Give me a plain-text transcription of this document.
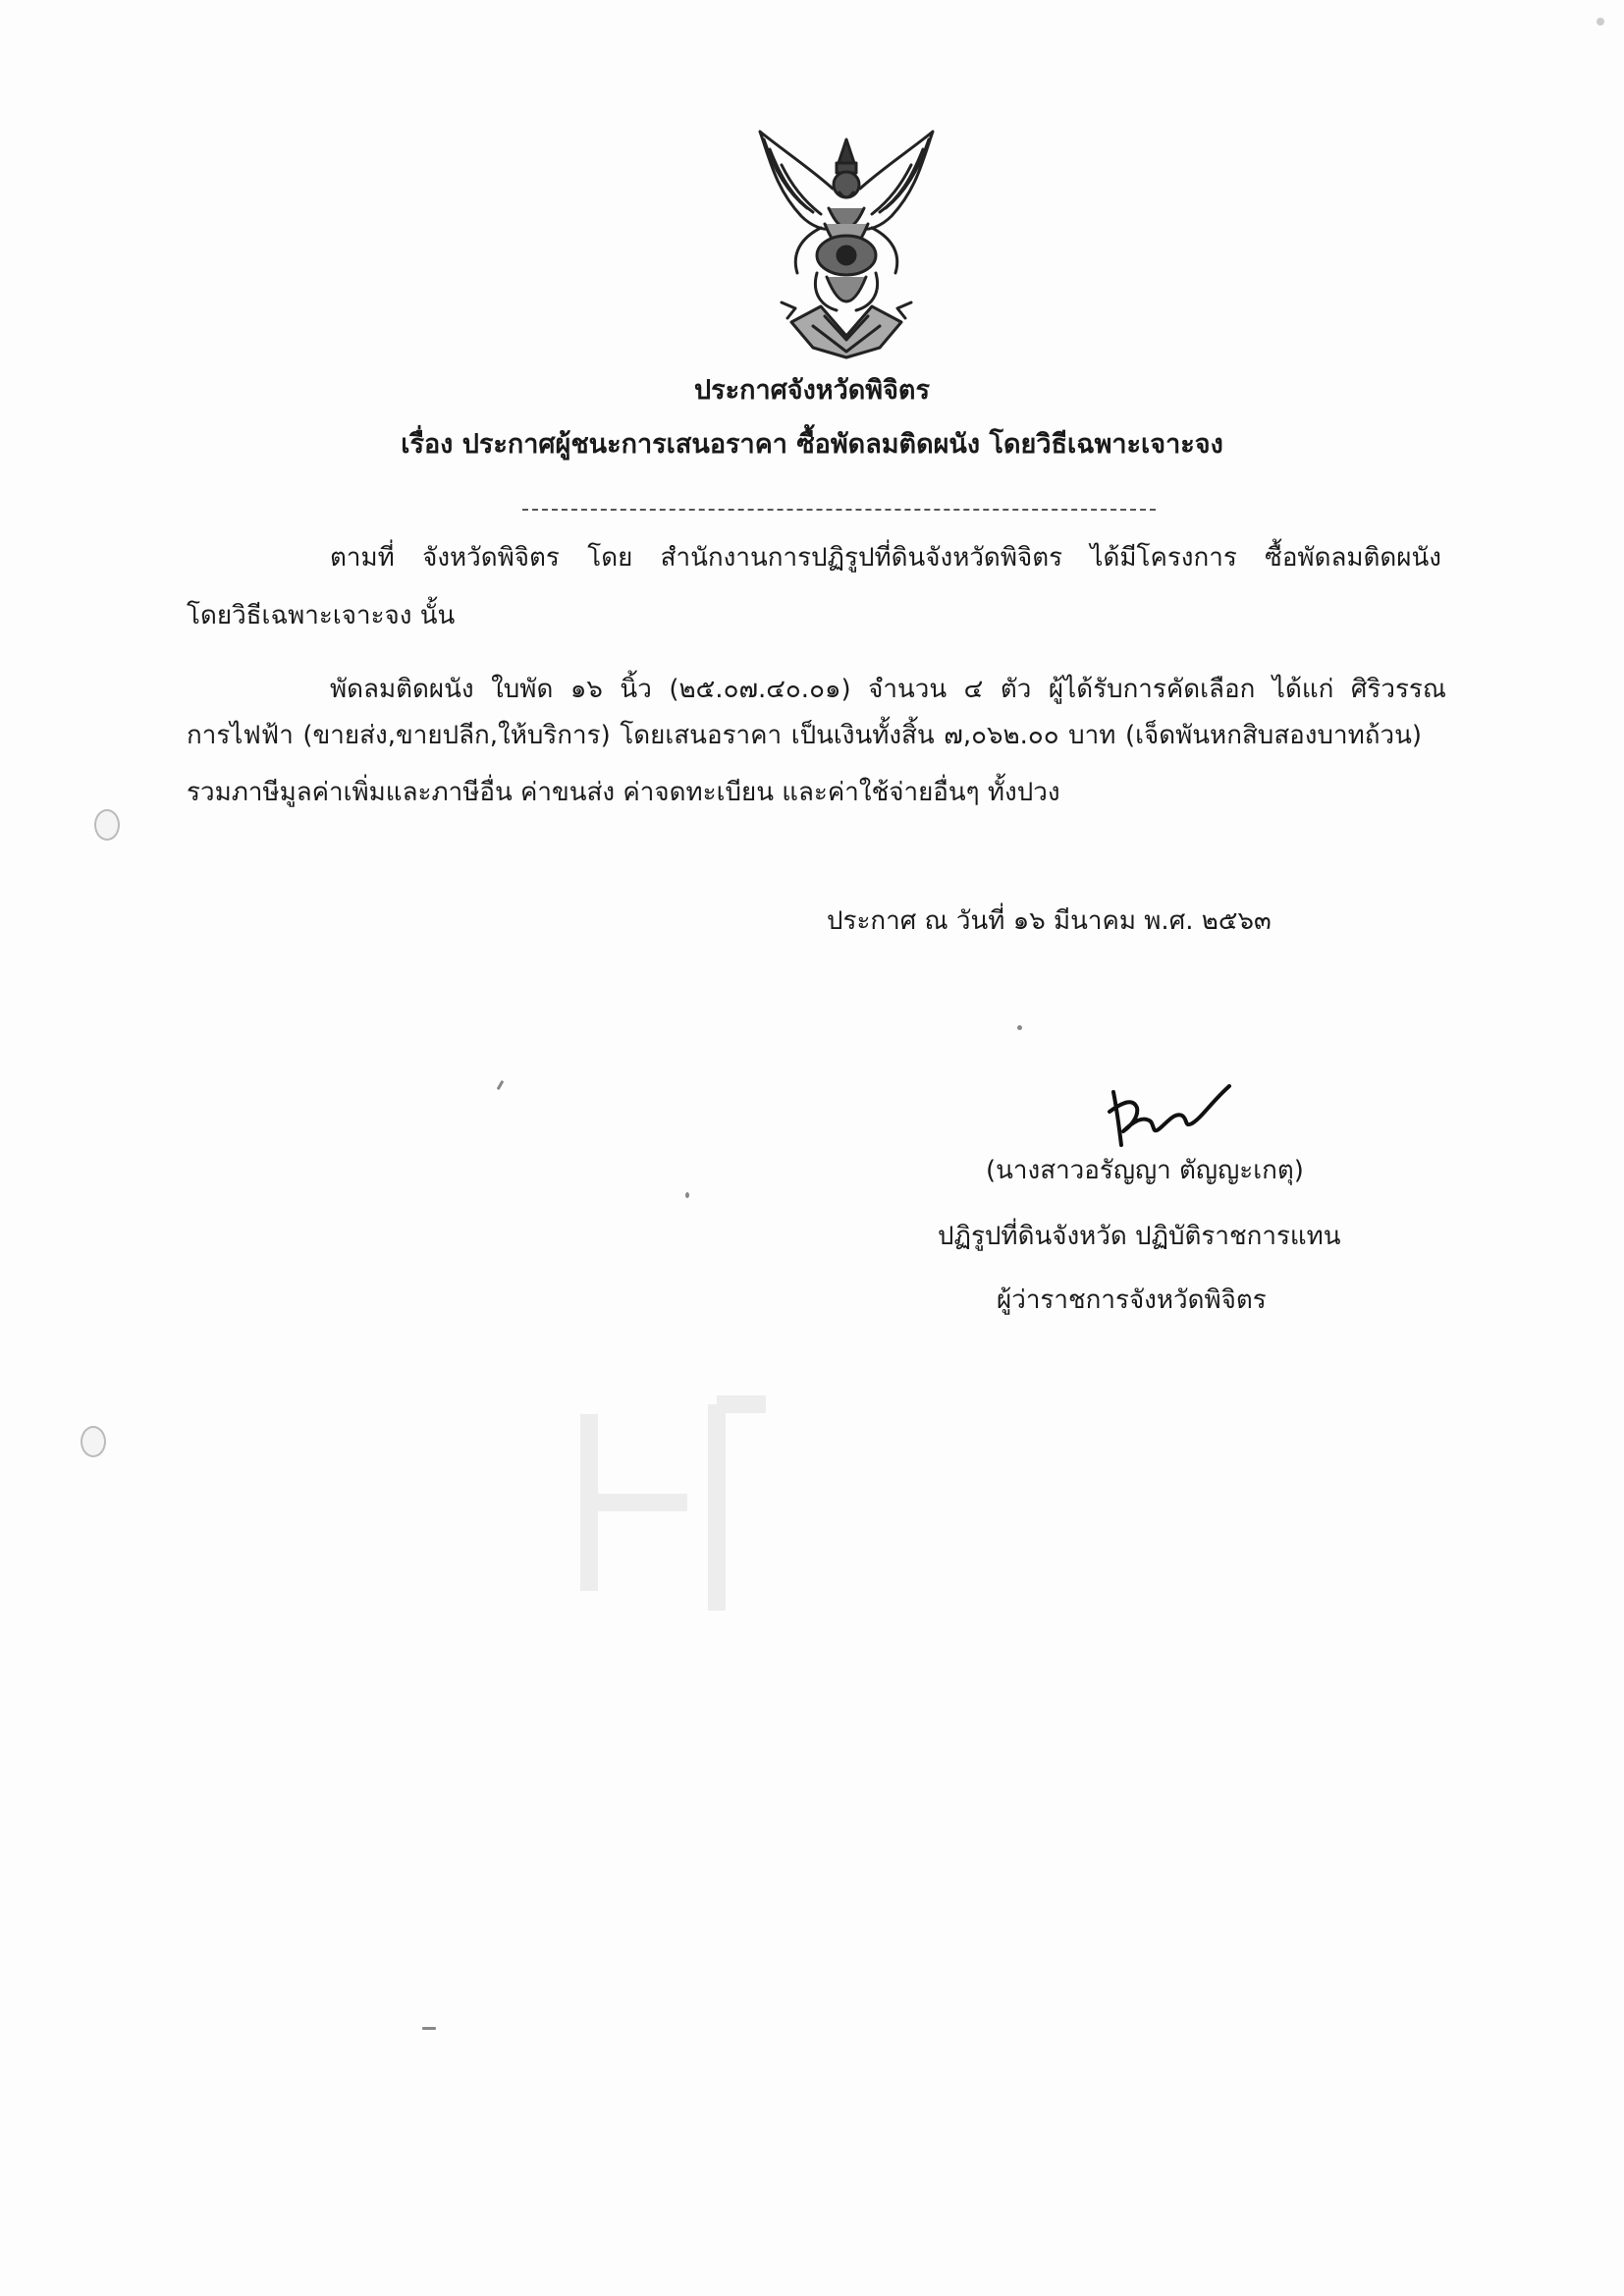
ประกาศจังหวัดพิจิตร
เรื่อง ประกาศผู้ชนะการเสนอราคา ซื้อพัดลมติดผนัง โดยวิธีเฉพาะเจาะจง
ตามที่ จังหวัดพิจิตร โดย สำนักงานการปฏิรูปที่ดินจังหวัดพิจิตร ได้มีโครงการ ซื้อพัดลมติดผนัง
โดยวิธีเฉพาะเจาะจง นั้น
พัดลมติดผนัง ใบพัด ๑๖ นิ้ว (๒๕.๐๗.๔๐.๐๑) จำนวน ๔ ตัว ผู้ได้รับการคัดเลือก ได้แก่ ศิริวรรณ
การไฟฟ้า (ขายส่ง,ขายปลีก,ให้บริการ) โดยเสนอราคา เป็นเงินทั้งสิ้น ๗,๐๖๒.๐๐ บาท (เจ็ดพันหกสิบสองบาทถ้วน)
รวมภาษีมูลค่าเพิ่มและภาษีอื่น ค่าขนส่ง ค่าจดทะเบียน และค่าใช้จ่ายอื่นๆ ทั้งปวง
ประกาศ ณ วันที่ ๑๖ มีนาคม พ.ศ. ๒๕๖๓
(นางสาวอรัญญา ตัญญะเกตุ)
ปฏิรูปที่ดินจังหวัด ปฏิบัติราชการแทน
ผู้ว่าราชการจังหวัดพิจิตร
